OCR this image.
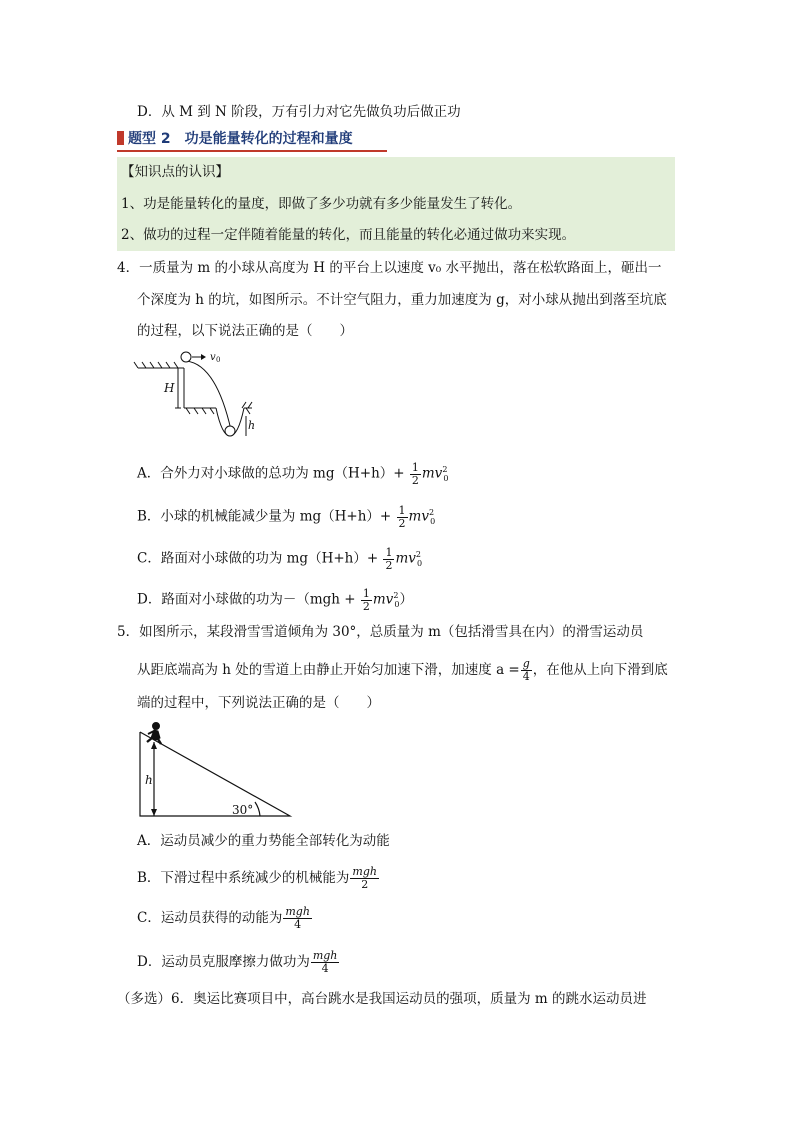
D．从 M 到 N 阶段，万有引力对它先做负功后做正功
题型 2 功是能量转化的过程和量度
【知识点的认识】
1、功是能量转化的量度，即做了多少功就有多少能量发生了转化。
2、做功的过程一定伴随着能量的转化，而且能量的转化必通过做功来实现。
4．一质量为 m 的小球从高度为 H 的平台上以速度 v₀ 水平抛出，落在松软路面上，砸出一
个深度为 h 的坑，如图所示。不计空气阻力，重力加速度为 g，对小球从抛出到落至坑底
的过程，以下说法正确的是（　　）
H
v 0
h
A．合外力对小球做的总功为 $mg(H+h)+ \frac{1}{2} mv^2_0$
B．小球的机械能减少量为 $mg(H+h)+ \frac{1}{2} mv^2_0$
C．路面对小球做的功为 $mg(H+h)+ \frac{1}{2} mv^2_0$
D．路面对小球做的功为$-(mgh + \frac{1}{2} mv^2_0)$
5．如图所示，某段滑雪雪道倾角为 30°，总质量为 m（包括滑雪具在内）的滑雪运动员
从距底端高为 h 处的雪道上由静止开始匀加速下滑，加速度 $a = \frac{g}{4}$ ，在他从上向下滑到底
端的过程中，下列说法正确的是（　　）
h
30°
A．运动员减少的重力势能全部转化为动能
B．下滑过程中系统减少的机械能为 $\frac{\text{mgh}}{2}$
C．运动员获得的动能为 $\frac{\text{mgh}}{4}$
D．运动员克服摩擦力做功为 $\frac{\text{mgh}}{4}$
（多选）6．奥运比赛项目中，高台跳水是我国运动员的强项，质量为 m 的跳水运动员进
